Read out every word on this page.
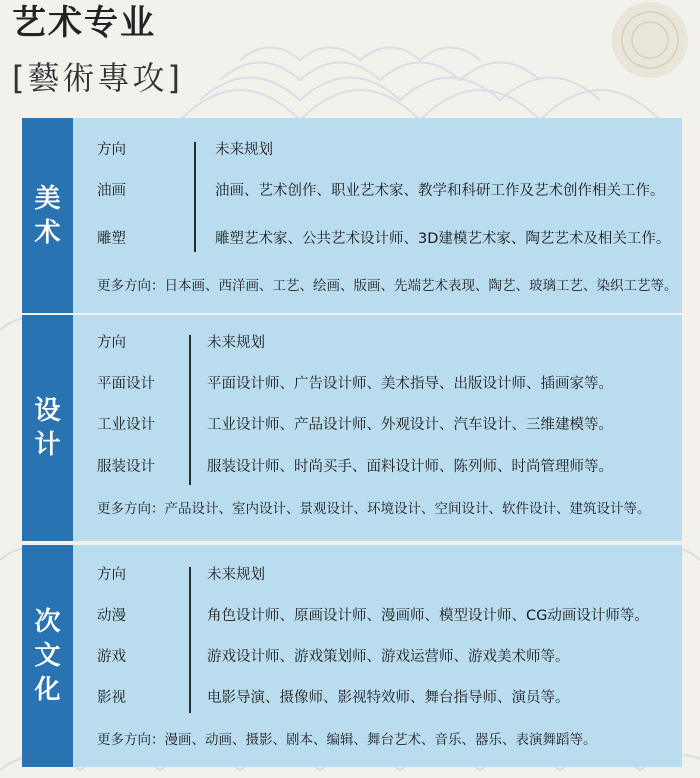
艺术专业
[藝術專攻]
美
术
方向	未来规划
油画	油画、艺术创作、职业艺术家、教学和科研工作及艺术创作相关工作。
雕塑	雕塑艺术家、公共艺术设计师、3D建模艺术家、陶艺艺术及相关工作。
更多方向：日本画、西洋画、工艺、绘画、版画、先端艺术表现、陶艺、玻璃工艺、染织工艺等。
设
计
方向	未来规划
平面设计	平面设计师、广告设计师、美术指导、出版设计师、插画家等。
工业设计	工业设计师、产品设计师、外观设计、汽车设计、三维建模等。
服装设计	服装设计师、时尚买手、面料设计师、陈列师、时尚管理师等。
更多方向：产品设计、室内设计、景观设计、环境设计、空间设计、软件设计、建筑设计等。
次
文
化
方向	未来规划
动漫	角色设计师、原画设计师、漫画师、模型设计师、CG动画设计师等。
游戏	游戏设计师、游戏策划师、游戏运营师、游戏美术师等。
影视	电影导演、摄像师、影视特效师、舞台指导师、演员等。
更多方向：漫画、动画、摄影、剧本、编辑、舞台艺术、音乐、器乐、表演舞蹈等。
